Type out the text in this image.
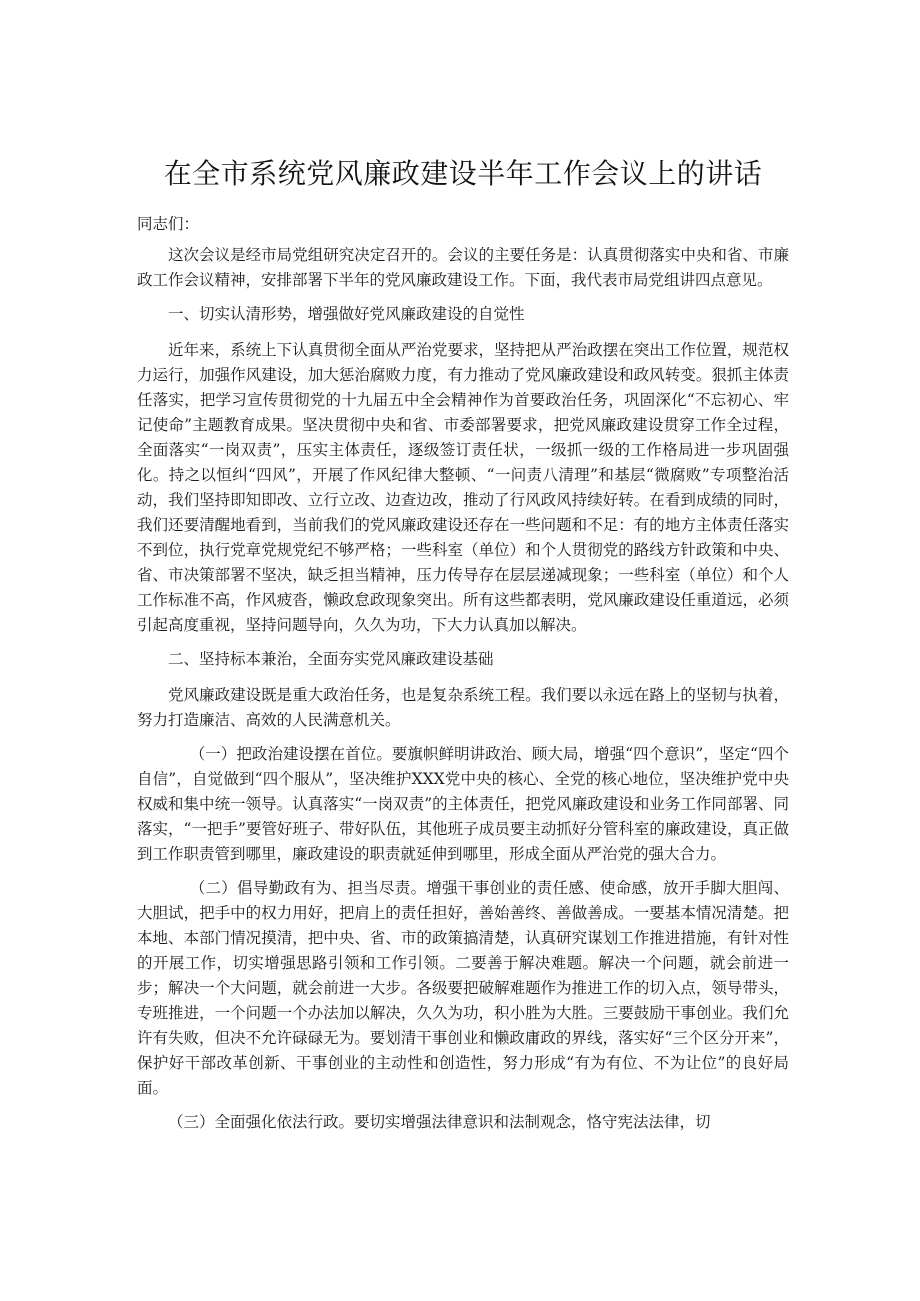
在全市系统党风廉政建设半年工作会议上的讲话
同志们：

这次会议是经市局党组研究决定召开的。会议的主要任务是：认真贯彻落实中央和省、市廉政工作会议精神，安排部署下半年的党风廉政建设工作。下面，我代表市局党组讲四点意见。

一、切实认清形势，增强做好党风廉政建设的自觉性

近年来，系统上下认真贯彻全面从严治党要求，坚持把从严治政摆在突出工作位置，规范权力运行，加强作风建设，加大惩治腐败力度，有力推动了党风廉政建设和政风转变。狠抓主体责任落实，把学习宣传贯彻党的十九届五中全会精神作为首要政治任务，巩固深化“不忘初心、牢记使命”主题教育成果。坚决贯彻中央和省、市委部署要求，把党风廉政建设贯穿工作全过程，全面落实“一岗双责”，压实主体责任，逐级签订责任状，一级抓一级的工作格局进一步巩固强化。持之以恒纠“四风”，开展了作风纪律大整顿、“一问责八清理”和基层“微腐败”专项整治活动，我们坚持即知即改、立行立改、边查边改，推动了行风政风持续好转。在看到成绩的同时，我们还要清醒地看到，当前我们的党风廉政建设还存在一些问题和不足：有的地方主体责任落实不到位，执行党章党规党纪不够严格；一些科室（单位）和个人贯彻党的路线方针政策和中央、省、市决策部署不坚决，缺乏担当精神，压力传导存在层层递减现象；一些科室（单位）和个人工作标准不高，作风疲沓，懒政怠政现象突出。所有这些都表明，党风廉政建设任重道远，必须引起高度重视，坚持问题导向，久久为功，下大力认真加以解决。

二、坚持标本兼治，全面夯实党风廉政建设基础

党风廉政建设既是重大政治任务，也是复杂系统工程。我们要以永远在路上的坚韧与执着，努力打造廉洁、高效的人民满意机关。

（一）把政治建设摆在首位。要旗帜鲜明讲政治、顾大局，增强“四个意识”，坚定“四个自信”，自觉做到“四个服从”，坚决维护XXX党中央的核心、全党的核心地位，坚决维护党中央权威和集中统一领导。认真落实“一岗双责”的主体责任，把党风廉政建设和业务工作同部署、同落实，“一把手”要管好班子、带好队伍，其他班子成员要主动抓好分管科室的廉政建设，真正做到工作职责管到哪里，廉政建设的职责就延伸到哪里，形成全面从严治党的强大合力。

（二）倡导勤政有为、担当尽责。增强干事创业的责任感、使命感，放开手脚大胆闯、大胆试，把手中的权力用好，把肩上的责任担好，善始善终、善做善成。一要基本情况清楚。把本地、本部门情况摸清，把中央、省、市的政策搞清楚，认真研究谋划工作推进措施，有针对性的开展工作，切实增强思路引领和工作引领。二要善于解决难题。解决一个问题，就会前进一步；解决一个大问题，就会前进一大步。各级要把破解难题作为推进工作的切入点，领导带头，专班推进，一个问题一个办法加以解决，久久为功，积小胜为大胜。三要鼓励干事创业。我们允许有失败，但决不允许碌碌无为。要划清干事创业和懒政庸政的界线，落实好“三个区分开来”，保护好干部改革创新、干事创业的主动性和创造性，努力形成“有为有位、不为让位”的良好局面。

（三）全面强化依法行政。要切实增强法律意识和法制观念，恪守宪法法律，切
